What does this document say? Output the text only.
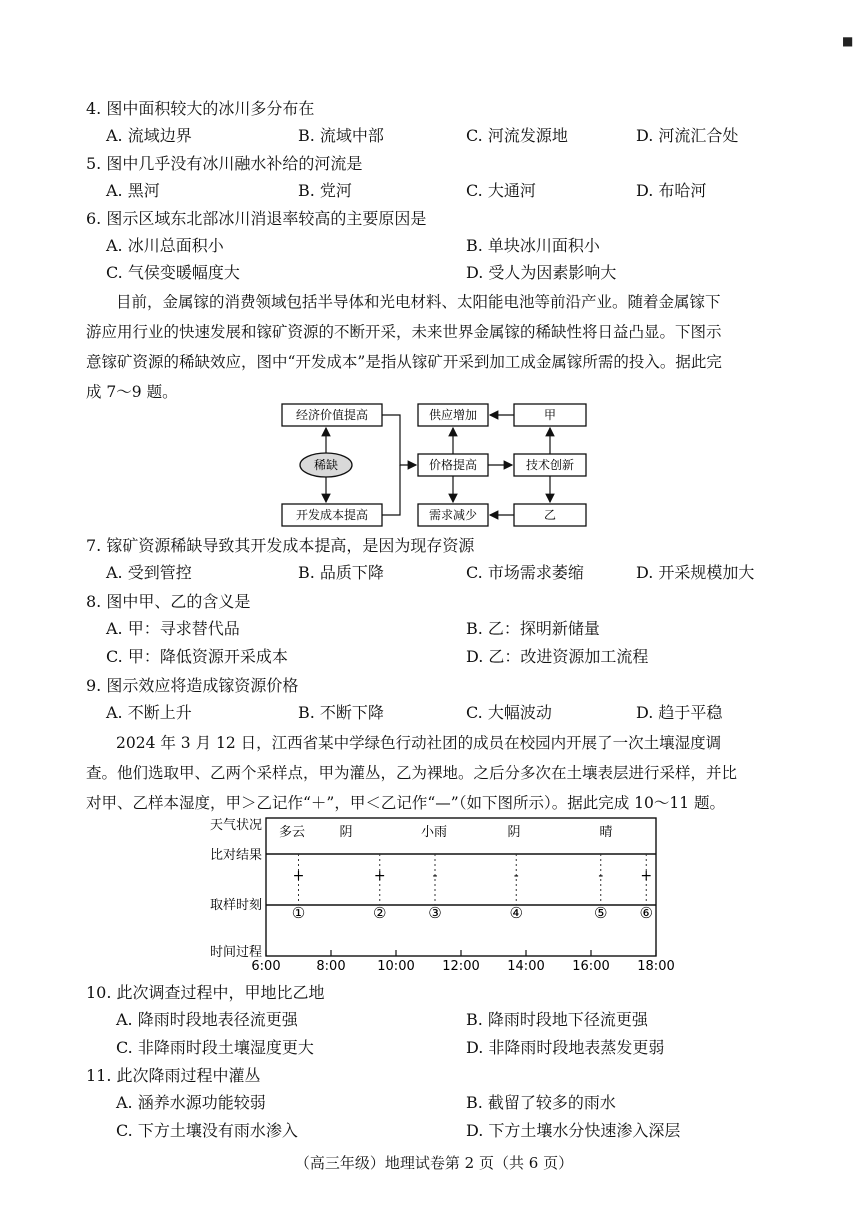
■
4. 图中面积较大的冰川多分布在
A. 流域边界	B. 流域中部	C. 河流发源地	D. 河流汇合处
5. 图中几乎没有冰川融水补给的河流是
A. 黑河	B. 党河	C. 大通河	D. 布哈河
6. 图示区域东北部冰川消退率较高的主要原因是
A. 冰川总面积小	B. 单块冰川面积小
C. 气侯变暖幅度大	D. 受人为因素影响大
目前，金属镓的消费领域包括半导体和光电材料、太阳能电池等前沿产业。随着金属镓下
游应用行业的快速发展和镓矿资源的不断开采，未来世界金属镓的稀缺性将日益凸显。下图示
意镓矿资源的稀缺效应，图中“开发成本”是指从镓矿开采到加工成金属镓所需的投入。据此完
成 7～9 题。
经济价值提高
稀缺
开发成本提高
供应增加
价格提高
需求减少
甲
技术创新
乙
7. 镓矿资源稀缺导致其开发成本提高，是因为现存资源
A. 受到管控	B. 品质下降	C. 市场需求萎缩	D. 开采规模加大
8. 图中甲、乙的含义是
A. 甲：寻求替代品	B. 乙：探明新储量
C. 甲：降低资源开采成本	D. 乙：改进资源加工流程
9. 图示效应将造成镓资源价格
A. 不断上升	B. 不断下降	C. 大幅波动	D. 趋于平稳
2024 年 3 月 12 日，江西省某中学绿色行动社团的成员在校园内开展了一次土壤湿度调
查。他们选取甲、乙两个采样点，甲为灌丛，乙为裸地。之后分多次在土壤表层进行采样，并比
对甲、乙样本湿度，甲＞乙记作“＋”，甲＜乙记作“—”（如下图所示）。据此完成 10～11 题。
天气状况
比对结果
取样时刻
时间过程
多云	阴	小雨	阴	晴
6:00	8:00 10:00 12:00 14:00 16:00 18:00
+
①
+
②
-
③
-
④
-
⑤
+
⑥
10. 此次调查过程中，甲地比乙地
A. 降雨时段地表径流更强	B. 降雨时段地下径流更强
C. 非降雨时段土壤湿度更大	D. 非降雨时段地表蒸发更弱
11. 此次降雨过程中灌丛
A. 涵养水源功能较弱	B. 截留了较多的雨水
C. 下方土壤没有雨水渗入	D. 下方土壤水分快速渗入深层
（高三年级）地理试卷第 2 页（共 6 页）
